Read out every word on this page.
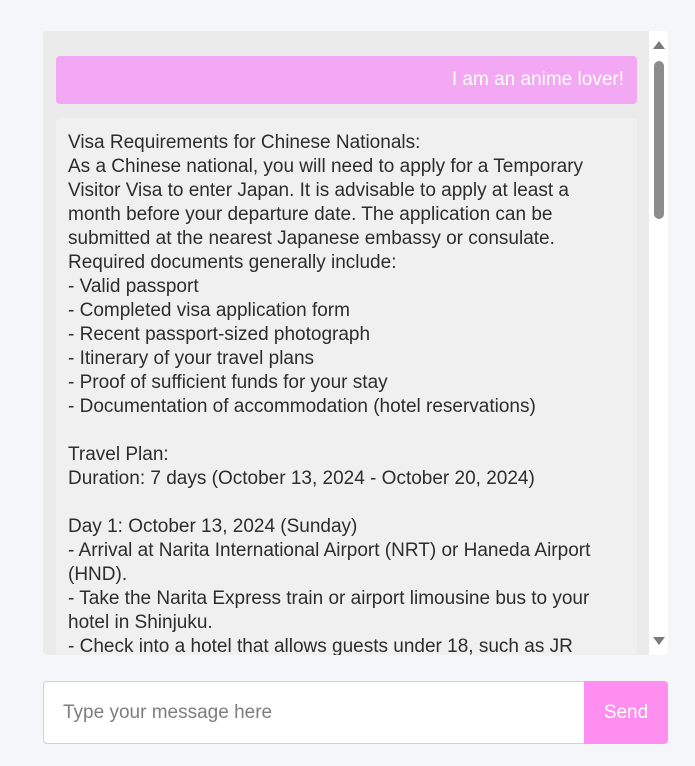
I am an anime lover!
Visa Requirements for Chinese Nationals:
As a Chinese national, you will need to apply for a Temporary Visitor Visa to enter Japan. It is advisable to apply at least a month before your departure date. The application can be submitted at the nearest Japanese embassy or consulate.
Required documents generally include:
- Valid passport
- Completed visa application form
- Recent passport-sized photograph
- Itinerary of your travel plans
- Proof of sufficient funds for your stay
- Documentation of accommodation (hotel reservations)
Travel Plan:
Duration: 7 days (October 13, 2024 - October 20, 2024)
Day 1: October 13, 2024 (Sunday)
- Arrival at Narita International Airport (NRT) or Haneda Airport (HND).
- Take the Narita Express train or airport limousine bus to your hotel in Shinjuku.
- Check into a hotel that allows guests under 18, such as JR
Type your message here
Send
